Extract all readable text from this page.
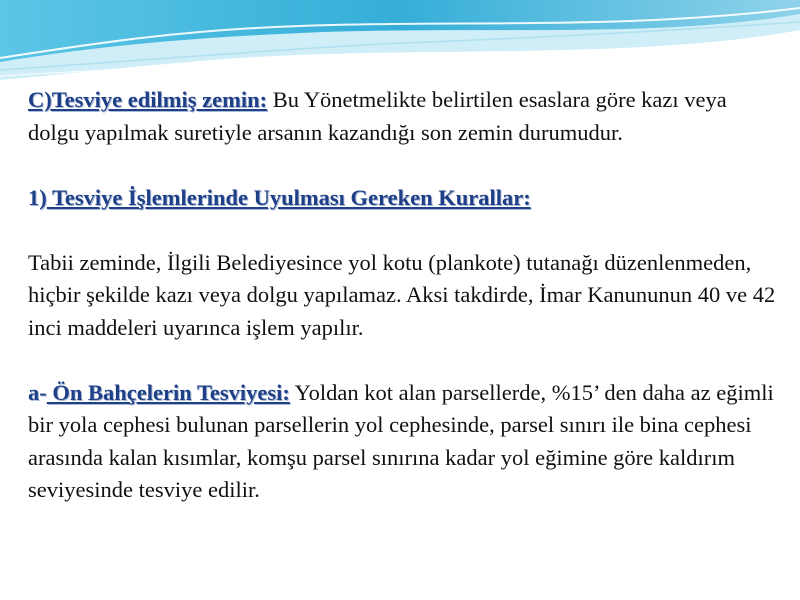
C)Tesviye edilmiş zemin: Bu Yönetmelikte belirtilen esaslara göre kazı veya dolgu yapılmak suretiyle arsanın kazandığı son zemin durumudur.

1) Tesviye İşlemlerinde Uyulması Gereken Kurallar:

Tabii zeminde, İlgili Belediyesince yol kotu (plankote) tutanağı düzenlenmeden, hiçbir şekilde kazı veya dolgu yapılamaz. Aksi takdirde, İmar Kanununun 40 ve 42 inci maddeleri uyarınca işlem yapılır.

a- Ön Bahçelerin Tesviyesi: Yoldan kot alan parsellerde, %15’ den daha az eğimli bir yola cephesi bulunan parsellerin yol cephesinde, parsel sınırı ile bina cephesi arasında kalan kısımlar, komşu parsel sınırına kadar yol eğimine göre kaldırım seviyesinde tesviye edilir.
